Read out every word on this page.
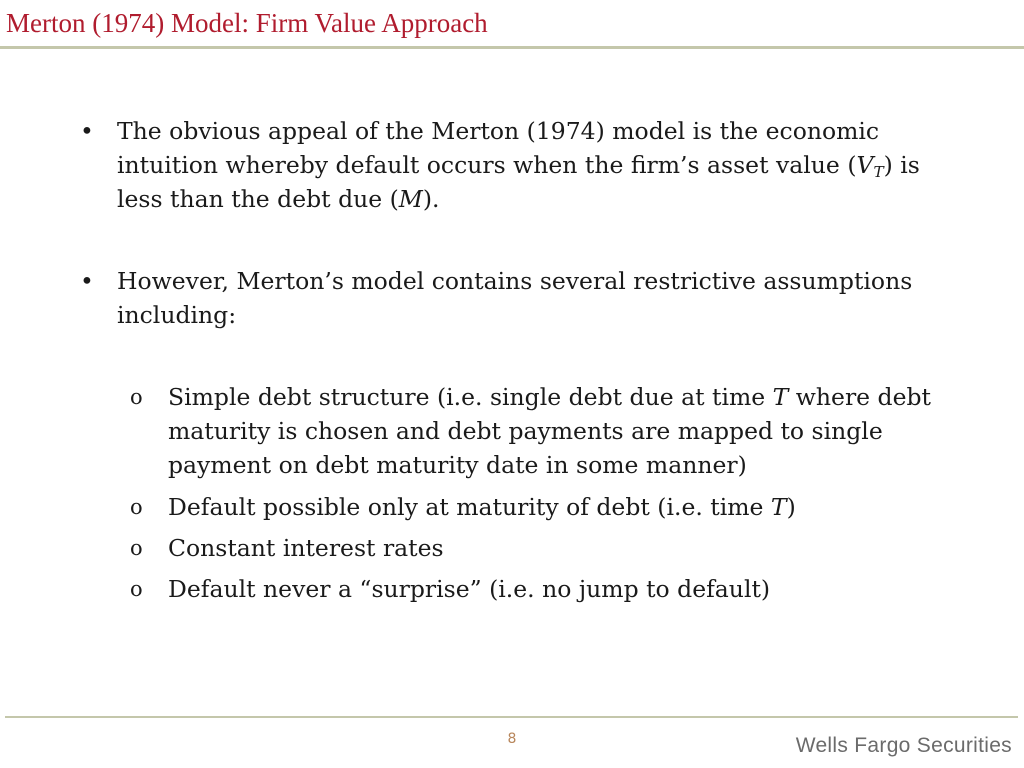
Merton (1974) Model: Firm Value Approach
• The obvious appeal of the Merton (1974) model is the economic intuition whereby default occurs when the firm’s asset value $(V_T)$ is less than the debt due (M).
• However, Merton’s model contains several restrictive assumptions including:
o Simple debt structure (i.e. single debt due at time T where debt maturity is chosen and debt payments are mapped to single payment on debt maturity date in some manner)
o Default possible only at maturity of debt (i.e. time T)
o Constant interest rates
o Default never a “surprise” (i.e. no jump to default)
8	Wells Fargo Securities
